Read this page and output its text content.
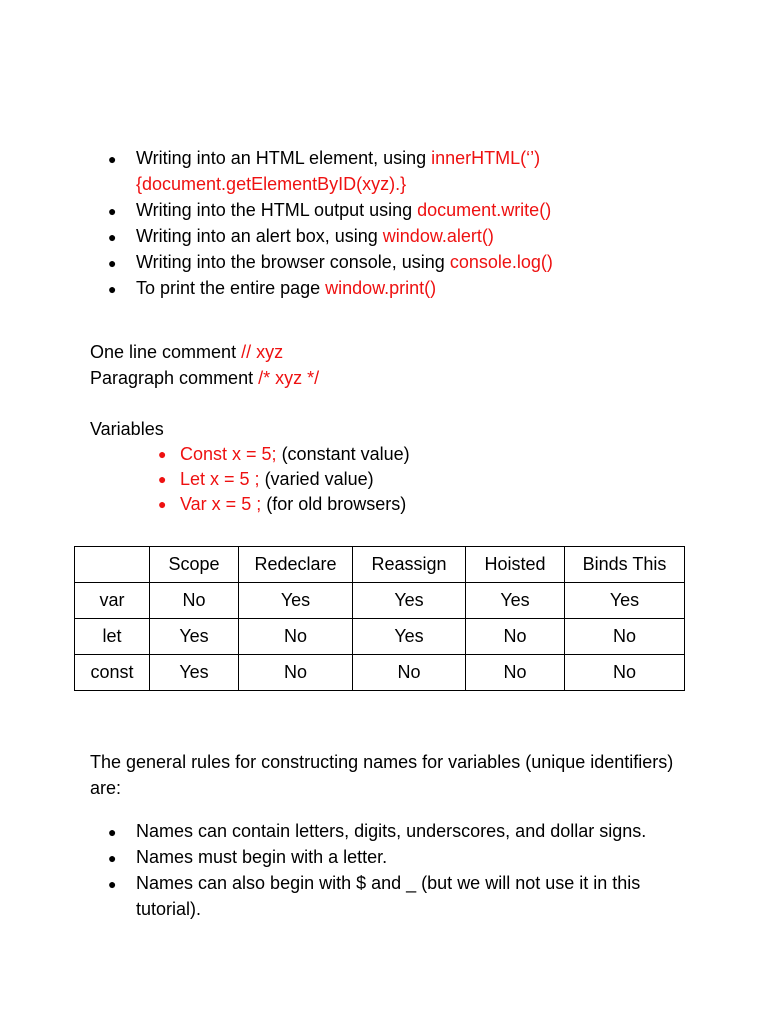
●	Writing into an HTML element, using innerHTML(‘’)
{document.getElementByID(xyz).}
●	Writing into the HTML output using document.write()
●	Writing into an alert box, using window.alert()
●	Writing into the browser console, using console.log()
●	To print the entire page window.print()
One line comment // xyz
Paragraph comment /* xyz */
Variables
● Const x = 5; (constant value)
● Let x = 5 ; (varied value)
● Var x = 5 ; (for old browsers)
	Scope	Redeclare	Reassign	Hoisted	Binds This
var	No	Yes	Yes	Yes	Yes
let	Yes	No	Yes	No	No
const	Yes	No	No	No	No
The general rules for constructing names for variables (unique identifiers) are:
●	Names can contain letters, digits, underscores, and dollar signs.
●	Names must begin with a letter.
●	Names can also begin with $ and _ (but we will not use it in this tutorial).
